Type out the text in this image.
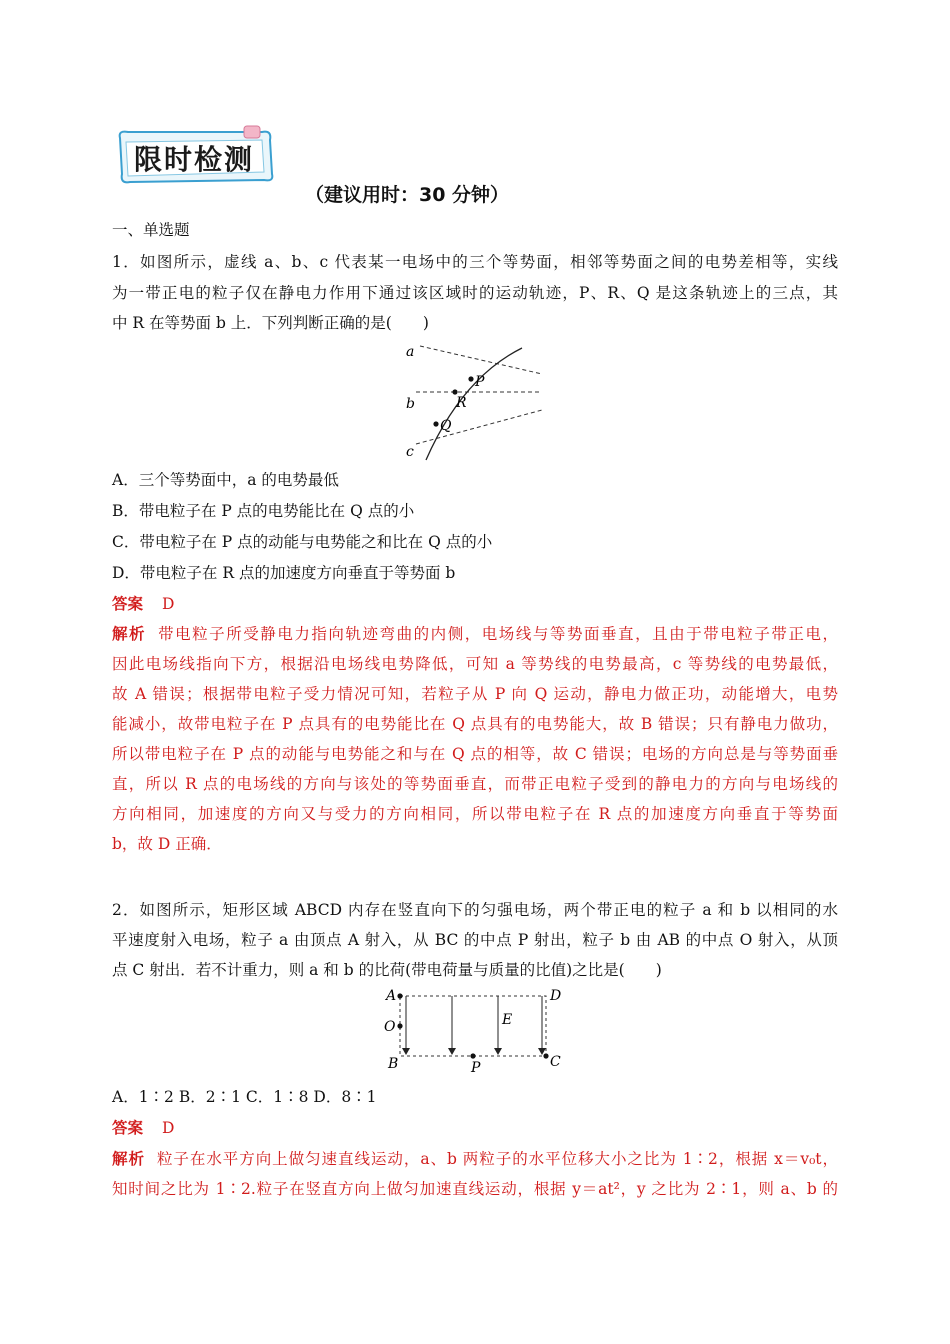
限时检测
（建议用时：30 分钟）
一、单选题
1．如图所示，虚线 a、b、c 代表某一电场中的三个等势面，相邻等势面之间的电势差相等，实线
为一带正电的粒子仅在静电力作用下通过该区域时的运动轨迹，P、R、Q 是这条轨迹上的三点，其
中 R 在等势面 b 上．下列判断正确的是(　　)
a
b
c
P
R
Q
A．三个等势面中，a 的电势最低
B．带电粒子在 P 点的电势能比在 Q 点的小
C．带电粒子在 P 点的动能与电势能之和比在 Q 点的小
D．带电粒子在 R 点的加速度方向垂直于等势面 b
答案 D
解析 带电粒子所受静电力指向轨迹弯曲的内侧，电场线与等势面垂直，且由于带电粒子带正电，
因此电场线指向下方，根据沿电场线电势降低，可知 a 等势线的电势最高，c 等势线的电势最低，
故 A 错误；根据带电粒子受力情况可知，若粒子从 P 向 Q 运动，静电力做正功，动能增大，电势
能减小，故带电粒子在 P 点具有的电势能比在 Q 点具有的电势能大，故 B 错误；只有静电力做功，
所以带电粒子在 P 点的动能与电势能之和与在 Q 点的相等，故 C 错误；电场的方向总是与等势面垂
直，所以 R 点的电场线的方向与该处的等势面垂直，而带正电粒子受到的静电力的方向与电场线的
方向相同，加速度的方向又与受力的方向相同，所以带电粒子在 R 点的加速度方向垂直于等势面
b，故 D 正确．
2．如图所示，矩形区域 ABCD 内存在竖直向下的匀强电场，两个带正电的粒子 a 和 b 以相同的水
平速度射入电场，粒子 a 由顶点 A 射入，从 BC 的中点 P 射出，粒子 b 由 AB 的中点 O 射入，从顶
点 C 射出．若不计重力，则 a 和 b 的比荷(带电荷量与质量的比值)之比是(　　)
A
O
B
D
C
P
E
A．1∶2 B．2∶1 C．1∶8 D．8∶1
答案 D
解析 粒子在水平方向上做匀速直线运动，a、b 两粒子的水平位移大小之比为 1∶2，根据 x＝v₀t，
知时间之比为 1∶2.粒子在竖直方向上做匀加速直线运动，根据 y＝at²，y 之比为 2∶1，则 a、b 的
